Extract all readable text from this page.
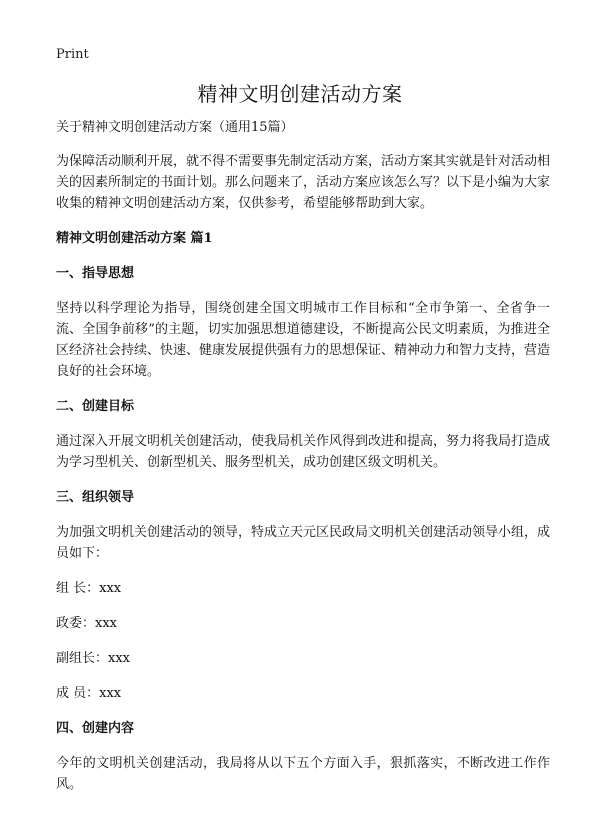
Print
精神文明创建活动方案

关于精神文明创建活动方案（通用15篇）

为保障活动顺利开展，就不得不需要事先制定活动方案，活动方案其实就是针对活动相关的因素所制定的书面计划。那么问题来了，活动方案应该怎么写？以下是小编为大家收集的精神文明创建活动方案，仅供参考，希望能够帮助到大家。

精神文明创建活动方案 篇1
一、指导思想

坚持以科学理论为指导，围绕创建全国文明城市工作目标和“全市争第一、全省争一流、全国争前移”的主题，切实加强思想道德建设，不断提高公民文明素质，为推进全区经济社会持续、快速、健康发展提供强有力的思想保证、精神动力和智力支持，营造良好的社会环境。

二、创建目标

通过深入开展文明机关创建活动，使我局机关作风得到改进和提高，努力将我局打造成为学习型机关、创新型机关、服务型机关，成功创建区级文明机关。

三、组织领导

为加强文明机关创建活动的领导，特成立天元区民政局文明机关创建活动领导小组，成员如下：

组 长：xxx

政委：xxx

副组长：xxx

成 员：xxx

四、创建内容

今年的文明机关创建活动，我局将从以下五个方面入手，狠抓落实，不断改进工作作风。
